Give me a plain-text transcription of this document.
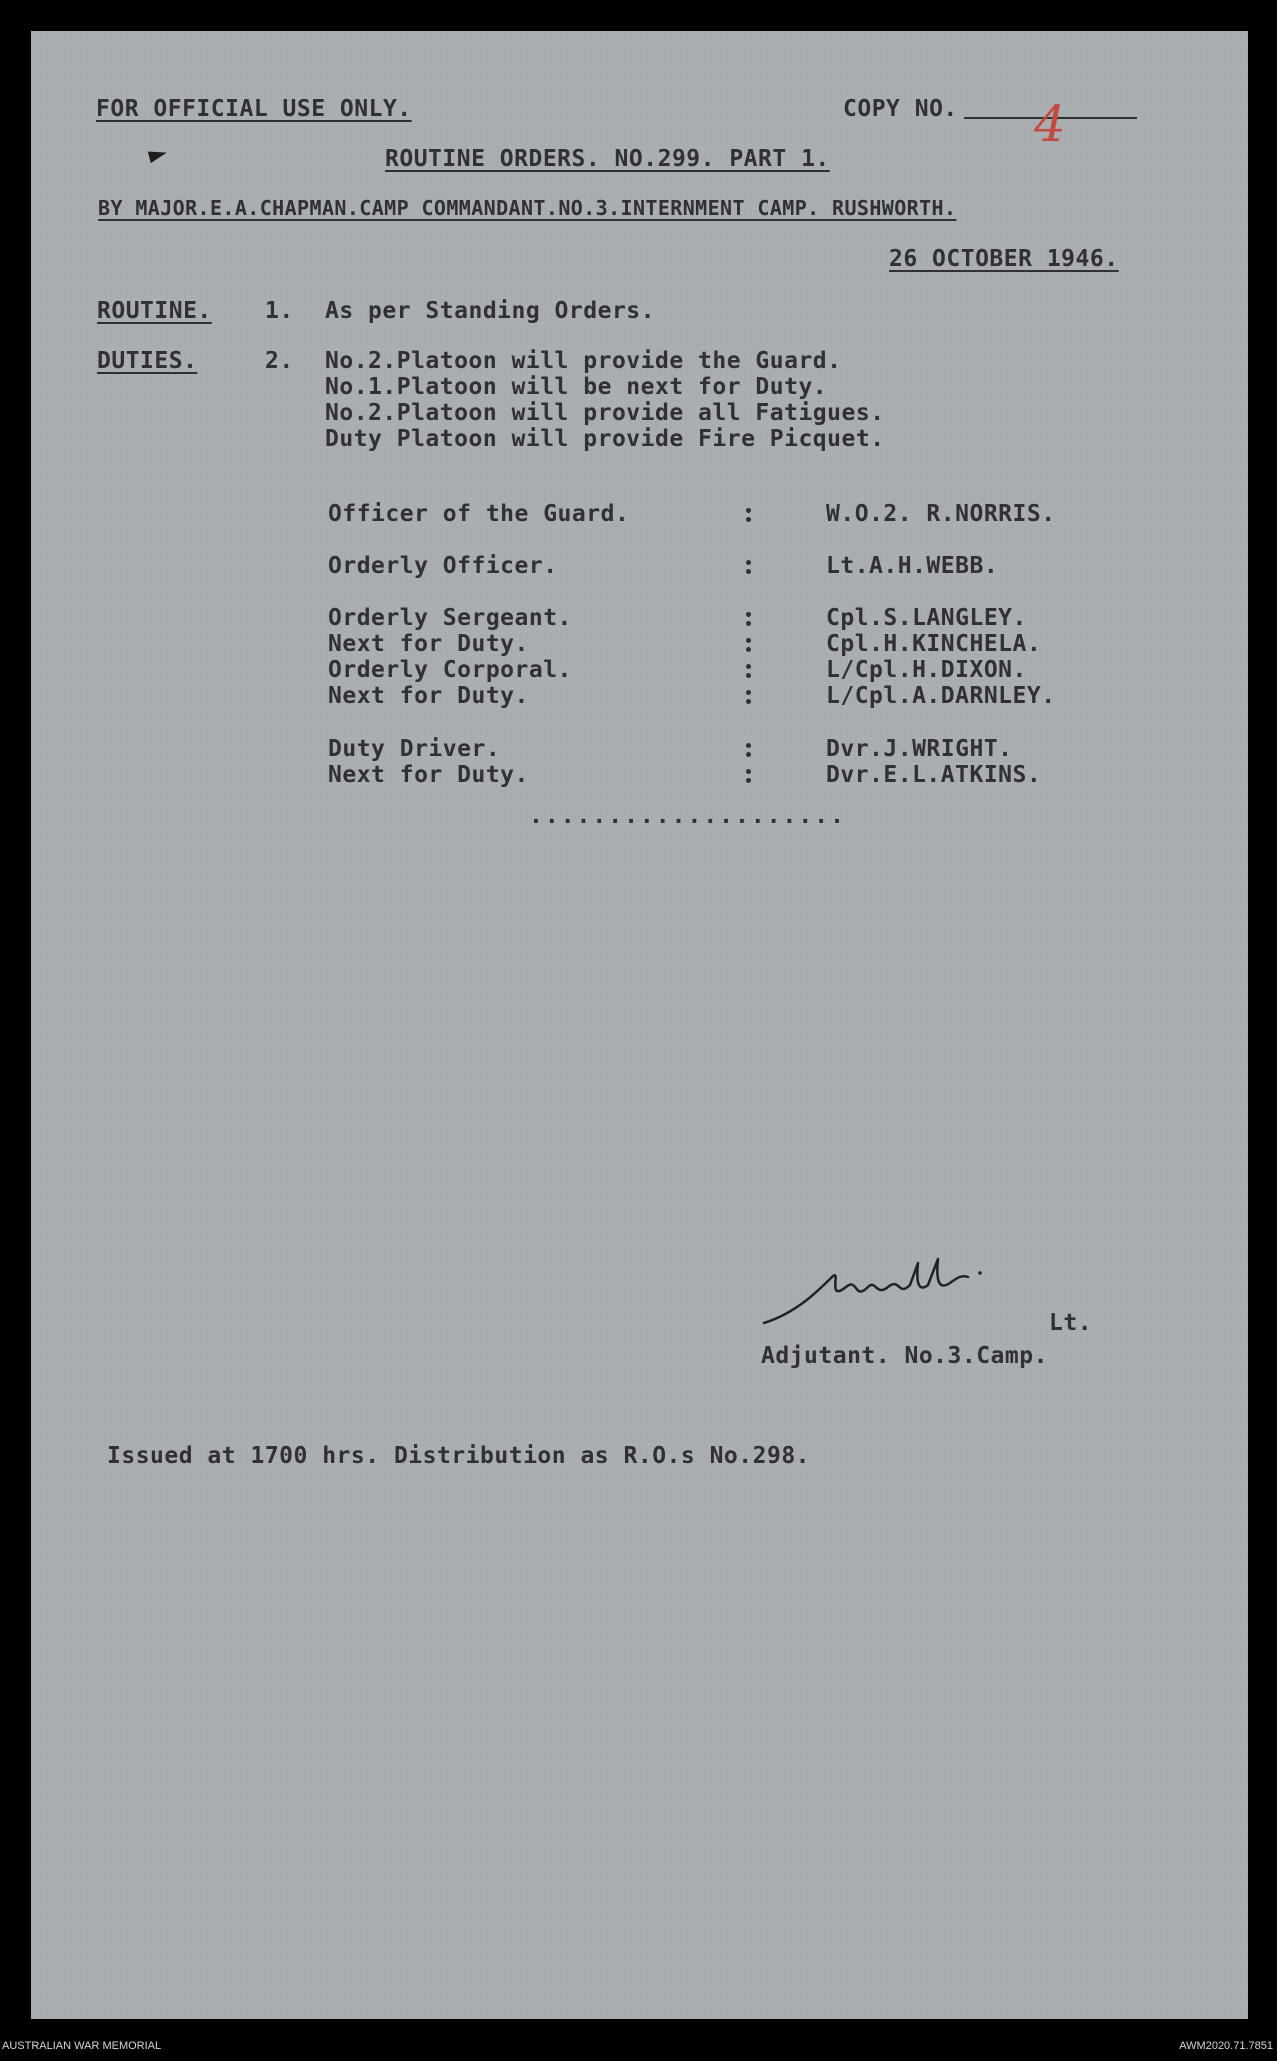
FOR OFFICIAL USE ONLY.	COPY NO. 4
ROUTINE ORDERS. NO.299. PART 1.
BY MAJOR.E.A.CHAPMAN.CAMP COMMANDANT.NO.3.INTERNMENT CAMP. RUSHWORTH.
26 OCTOBER 1946.
ROUTINE. 1. As per Standing Orders.
DUTIES.	2. No.2.Platoon will provide the Guard.
No.1.Platoon will be next for Duty.
No.2.Platoon will provide all Fatigues.
Duty Platoon will provide Fire Picquet.
Officer of the Guard.	W.O.2. R.NORRIS.
Orderly Officer.	Lt.A.H.WEBB.
Orderly Sergeant.	Cpl.S.LANGLEY.
Next for Duty.	Cpl.H.KINCHELA.
Orderly Corporal.	L/Cpl.H.DIXON.
Next for Duty.	L/Cpl.A.DARNLEY.
Duty Driver.	Dvr.J.WRIGHT.
Next for Duty.	Dvr.E.L.ATKINS.
....................
Lt.
Adjutant. No.3.Camp.
Issued at 1700 hrs. Distribution as R.O.s No.298.
AUSTRALIAN WAR MEMORIAL	AWM2020.71.7851
